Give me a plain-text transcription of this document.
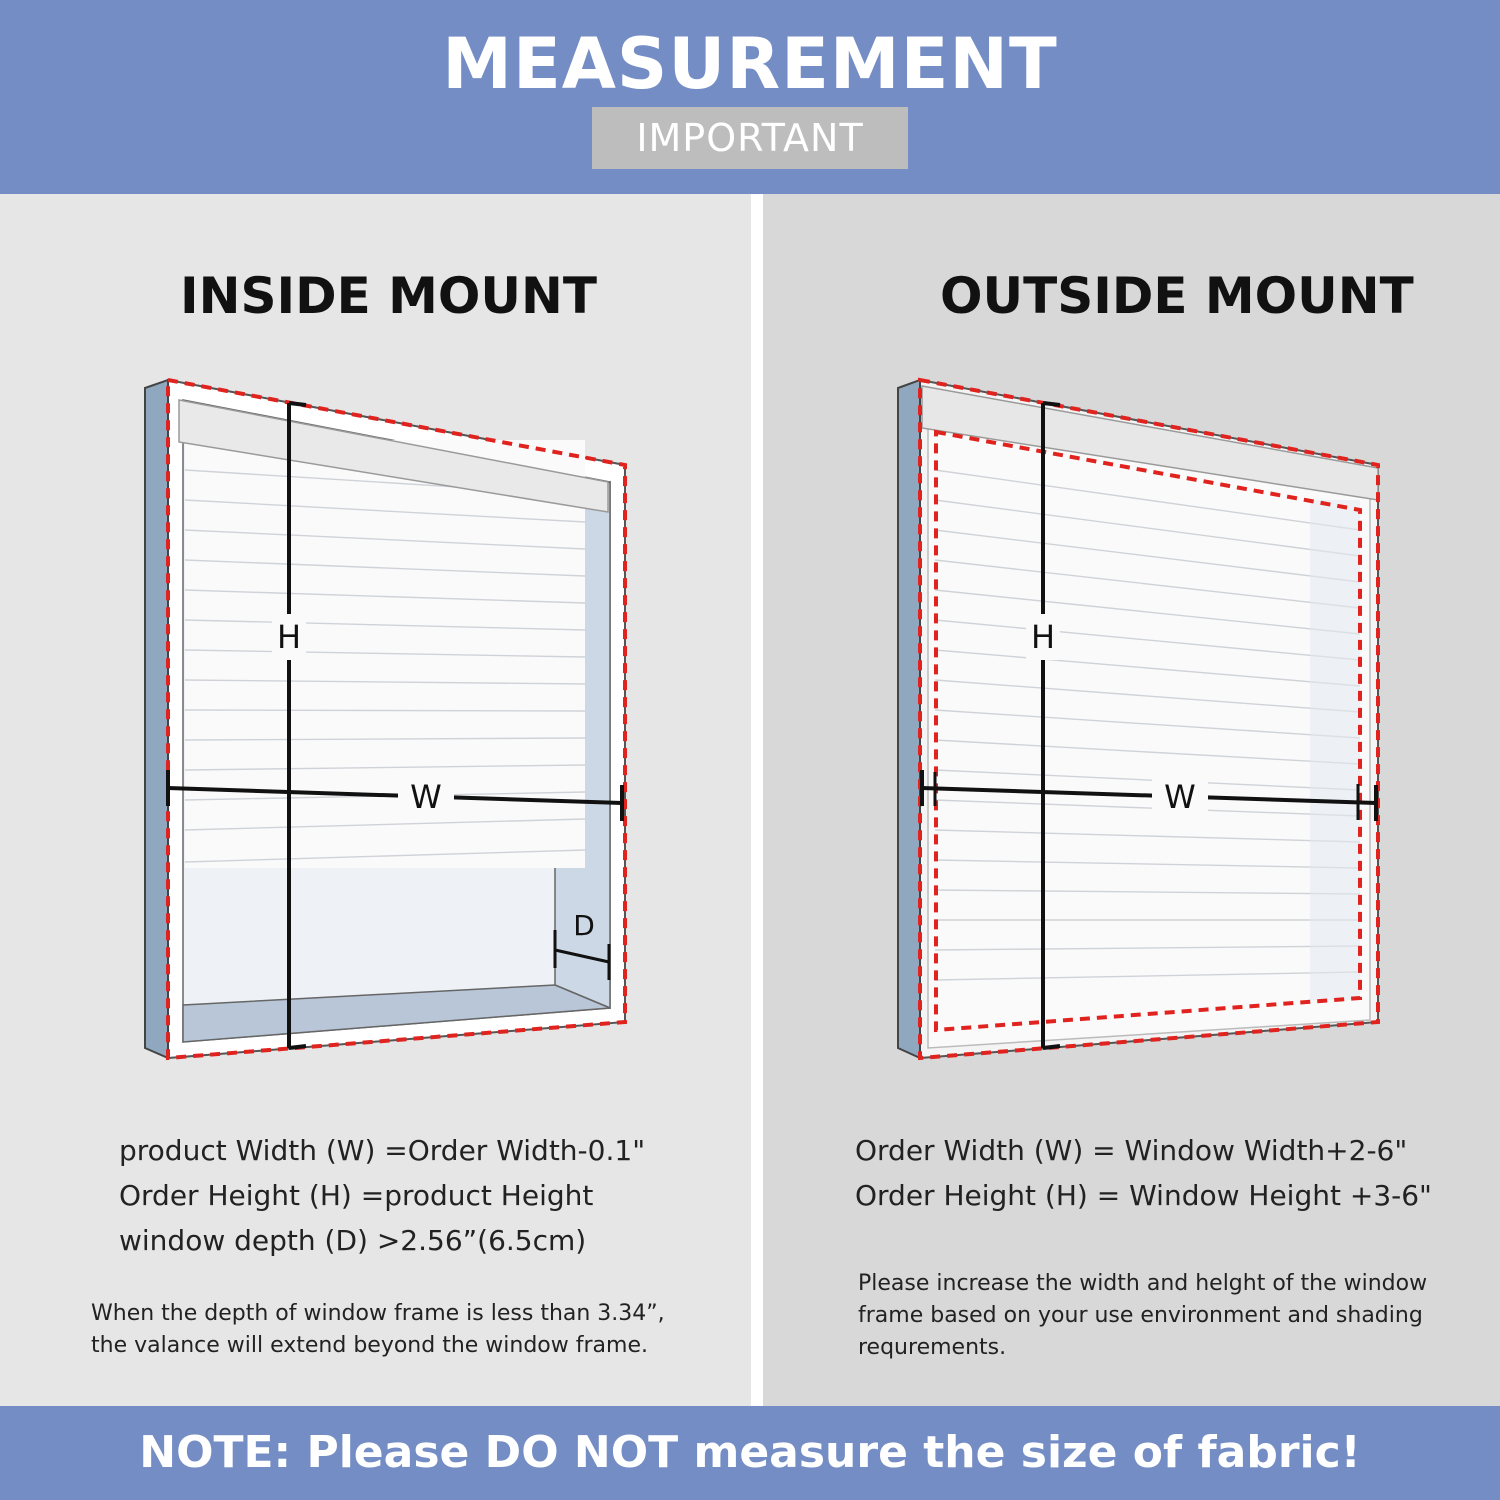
MEASUREMENT
IMPORTANT
INSIDE MOUNT
H
W
D
product Width (W) =Order Width-0.1"
Order Height (H) =product Height
window depth (D) >2.56”(6.5cm)
When the depth of window frame is less than 3.34”,
the valance will extend beyond the window frame.
OUTSIDE MOUNT
H
W
Order Width (W) = Window Width+2-6"
Order Height (H) = Window Height +3-6"
Please increase the width and helght of the window
frame based on your use environment and shading
requrements.
NOTE: Please DO NOT measure the size of fabric!
